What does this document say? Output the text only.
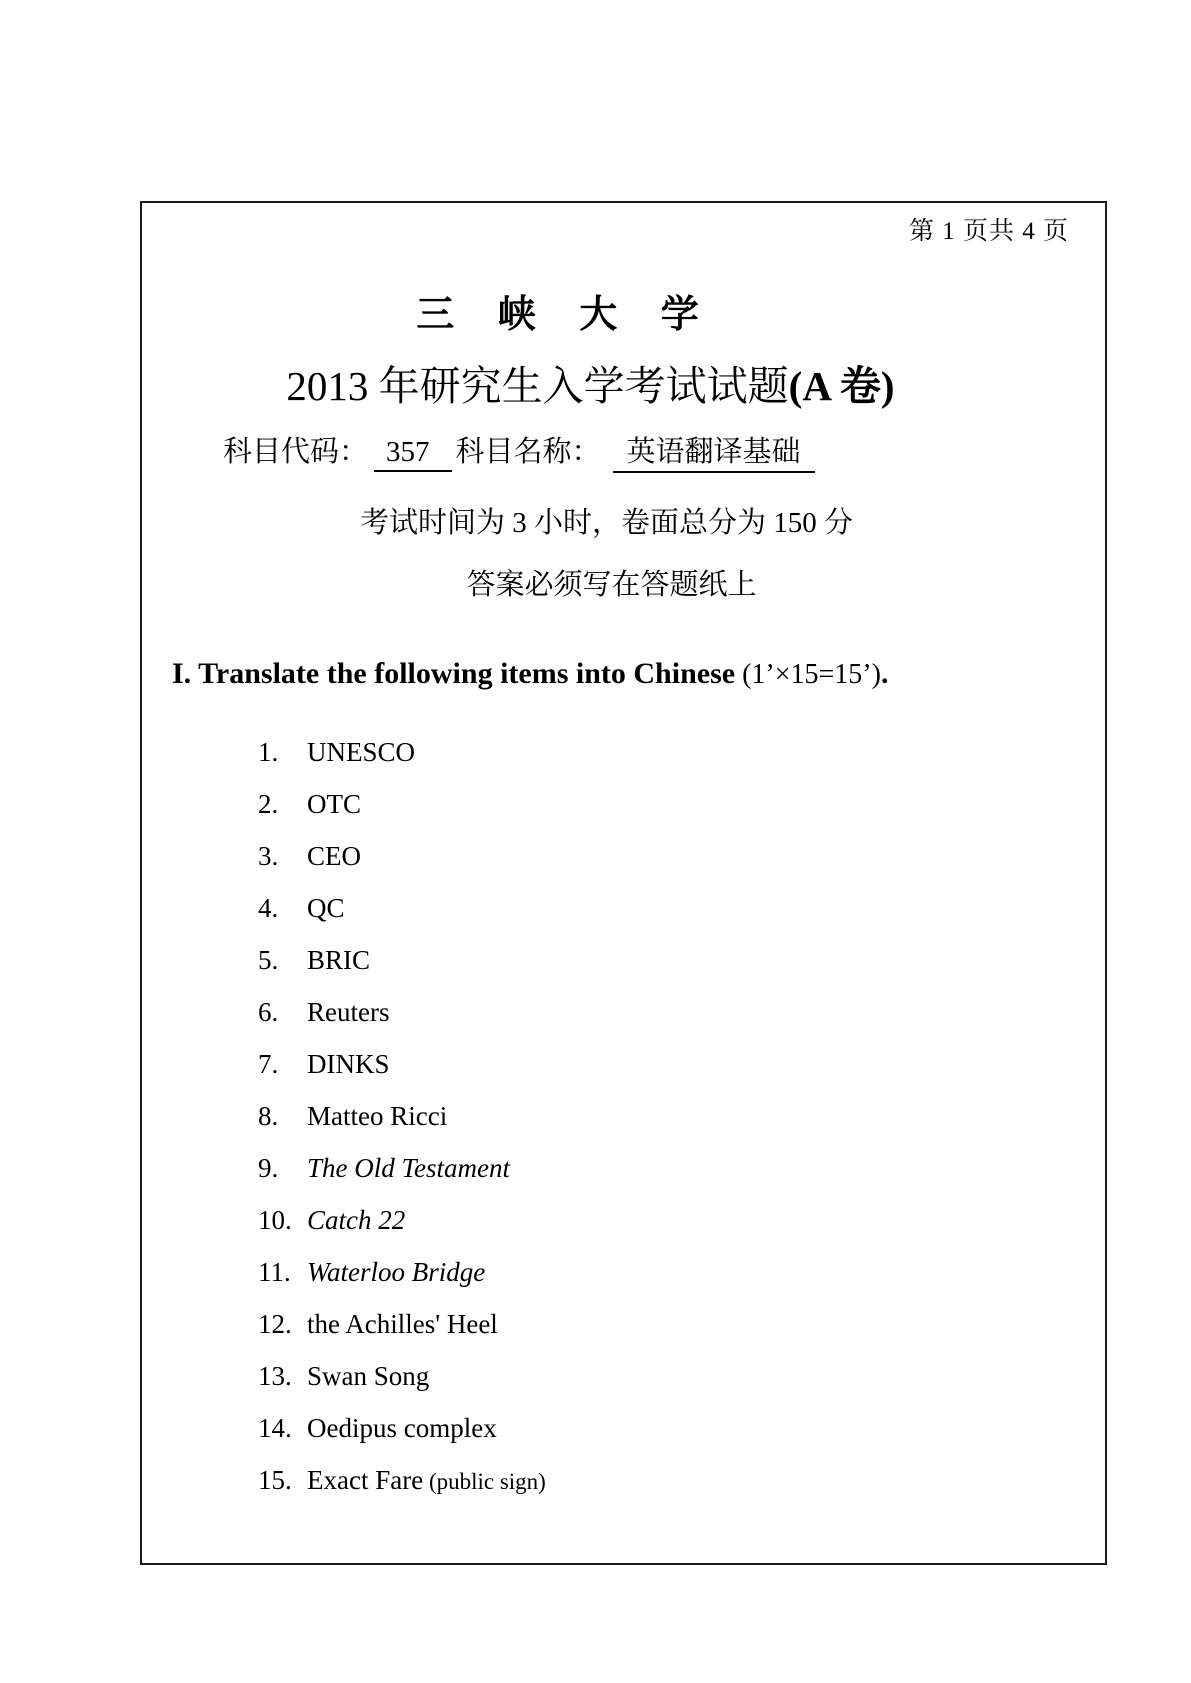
第 1 页共 4 页
三 峡 大 学
2013 年研究生入学考试试题(A 卷)
科目代码： 357 科目名称： 英语翻译基础
考试时间为 3 小时，卷面总分为 150 分
答案必须写在答题纸上
I. Translate the following items into Chinese (1’×15=15’).
1. UNESCO
2. OTC
3. CEO
4. QC
5. BRIC
6. Reuters
7. DINKS
8. Matteo Ricci
9. The Old Testament
10. Catch 22
11. Waterloo Bridge
12. the Achilles' Heel
13. Swan Song
14. Oedipus complex
15. Exact Fare (public sign)
